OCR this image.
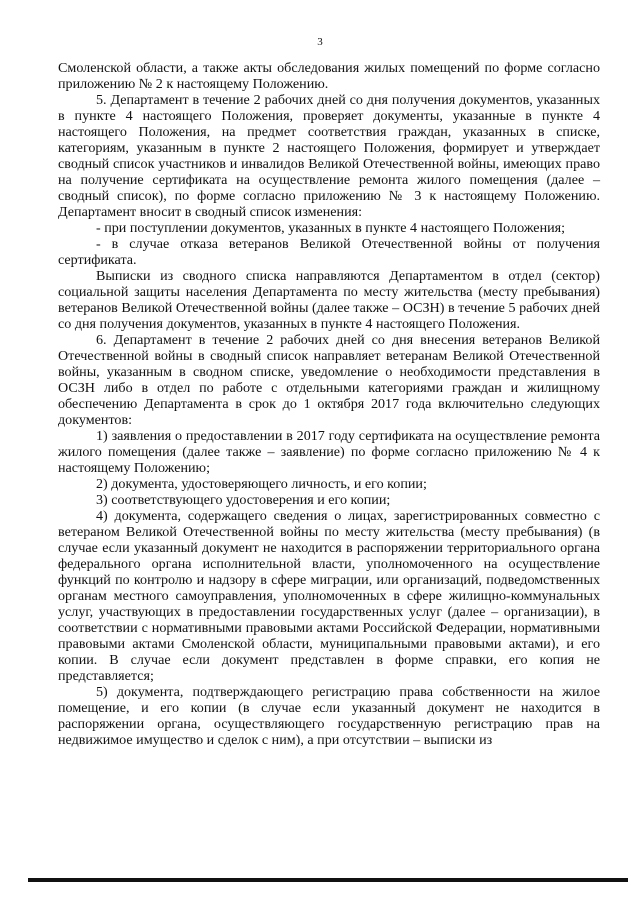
3

Смоленской области, а также акты обследования жилых помещений по форме согласно приложению № 2 к настоящему Положению.

5. Департамент в течение 2 рабочих дней со дня получения документов, указанных в пункте 4 настоящего Положения, проверяет документы, указанные в пункте 4 настоящего Положения, на предмет соответствия граждан, указанных в списке, категориям, указанным в пункте 2 настоящего Положения, формирует и утверждает сводный список участников и инвалидов Великой Отечественной войны, имеющих право на получение сертификата на осуществление ремонта жилого помещения (далее – сводный список), по форме согласно приложению № 3 к настоящему Положению. Департамент вносит в сводный список изменения:

- при поступлении документов, указанных в пункте 4 настоящего Положения;

- в случае отказа ветеранов Великой Отечественной войны от получения сертификата.

Выписки из сводного списка направляются Департаментом в отдел (сектор) социальной защиты населения Департамента по месту жительства (месту пребывания) ветеранов Великой Отечественной войны (далее также – ОСЗН) в течение 5 рабочих дней со дня получения документов, указанных в пункте 4 настоящего Положения.

6. Департамент в течение 2 рабочих дней со дня внесения ветеранов Великой Отечественной войны в сводный список направляет ветеранам Великой Отечественной войны, указанным в сводном списке, уведомление о необходимости представления в ОСЗН либо в отдел по работе с отдельными категориями граждан и жилищному обеспечению Департамента в срок до 1 октября 2017 года включительно следующих документов:

1) заявления о предоставлении в 2017 году сертификата на осуществление ремонта жилого помещения (далее также – заявление) по форме согласно приложению № 4 к настоящему Положению;

2) документа, удостоверяющего личность, и его копии;

3) соответствующего удостоверения и его копии;

4) документа, содержащего сведения о лицах, зарегистрированных совместно с ветераном Великой Отечественной войны по месту жительства (месту пребывания) (в случае если указанный документ не находится в распоряжении территориального органа федерального органа исполнительной власти, уполномоченного на осуществление функций по контролю и надзору в сфере миграции, или организаций, подведомственных органам местного самоуправления, уполномоченных в сфере жилищно-коммунальных услуг, участвующих в предоставлении государственных услуг (далее – организации), в соответствии с нормативными правовыми актами Российской Федерации, нормативными правовыми актами Смоленской области, муниципальными правовыми актами), и его копии. В случае если документ представлен в форме справки, его копия не представляется;

5) документа, подтверждающего регистрацию права собственности на жилое помещение, и его копии (в случае если указанный документ не находится в распоряжении органа, осуществляющего государственную регистрацию прав на недвижимое имущество и сделок с ним), а при отсутствии – выписки из
